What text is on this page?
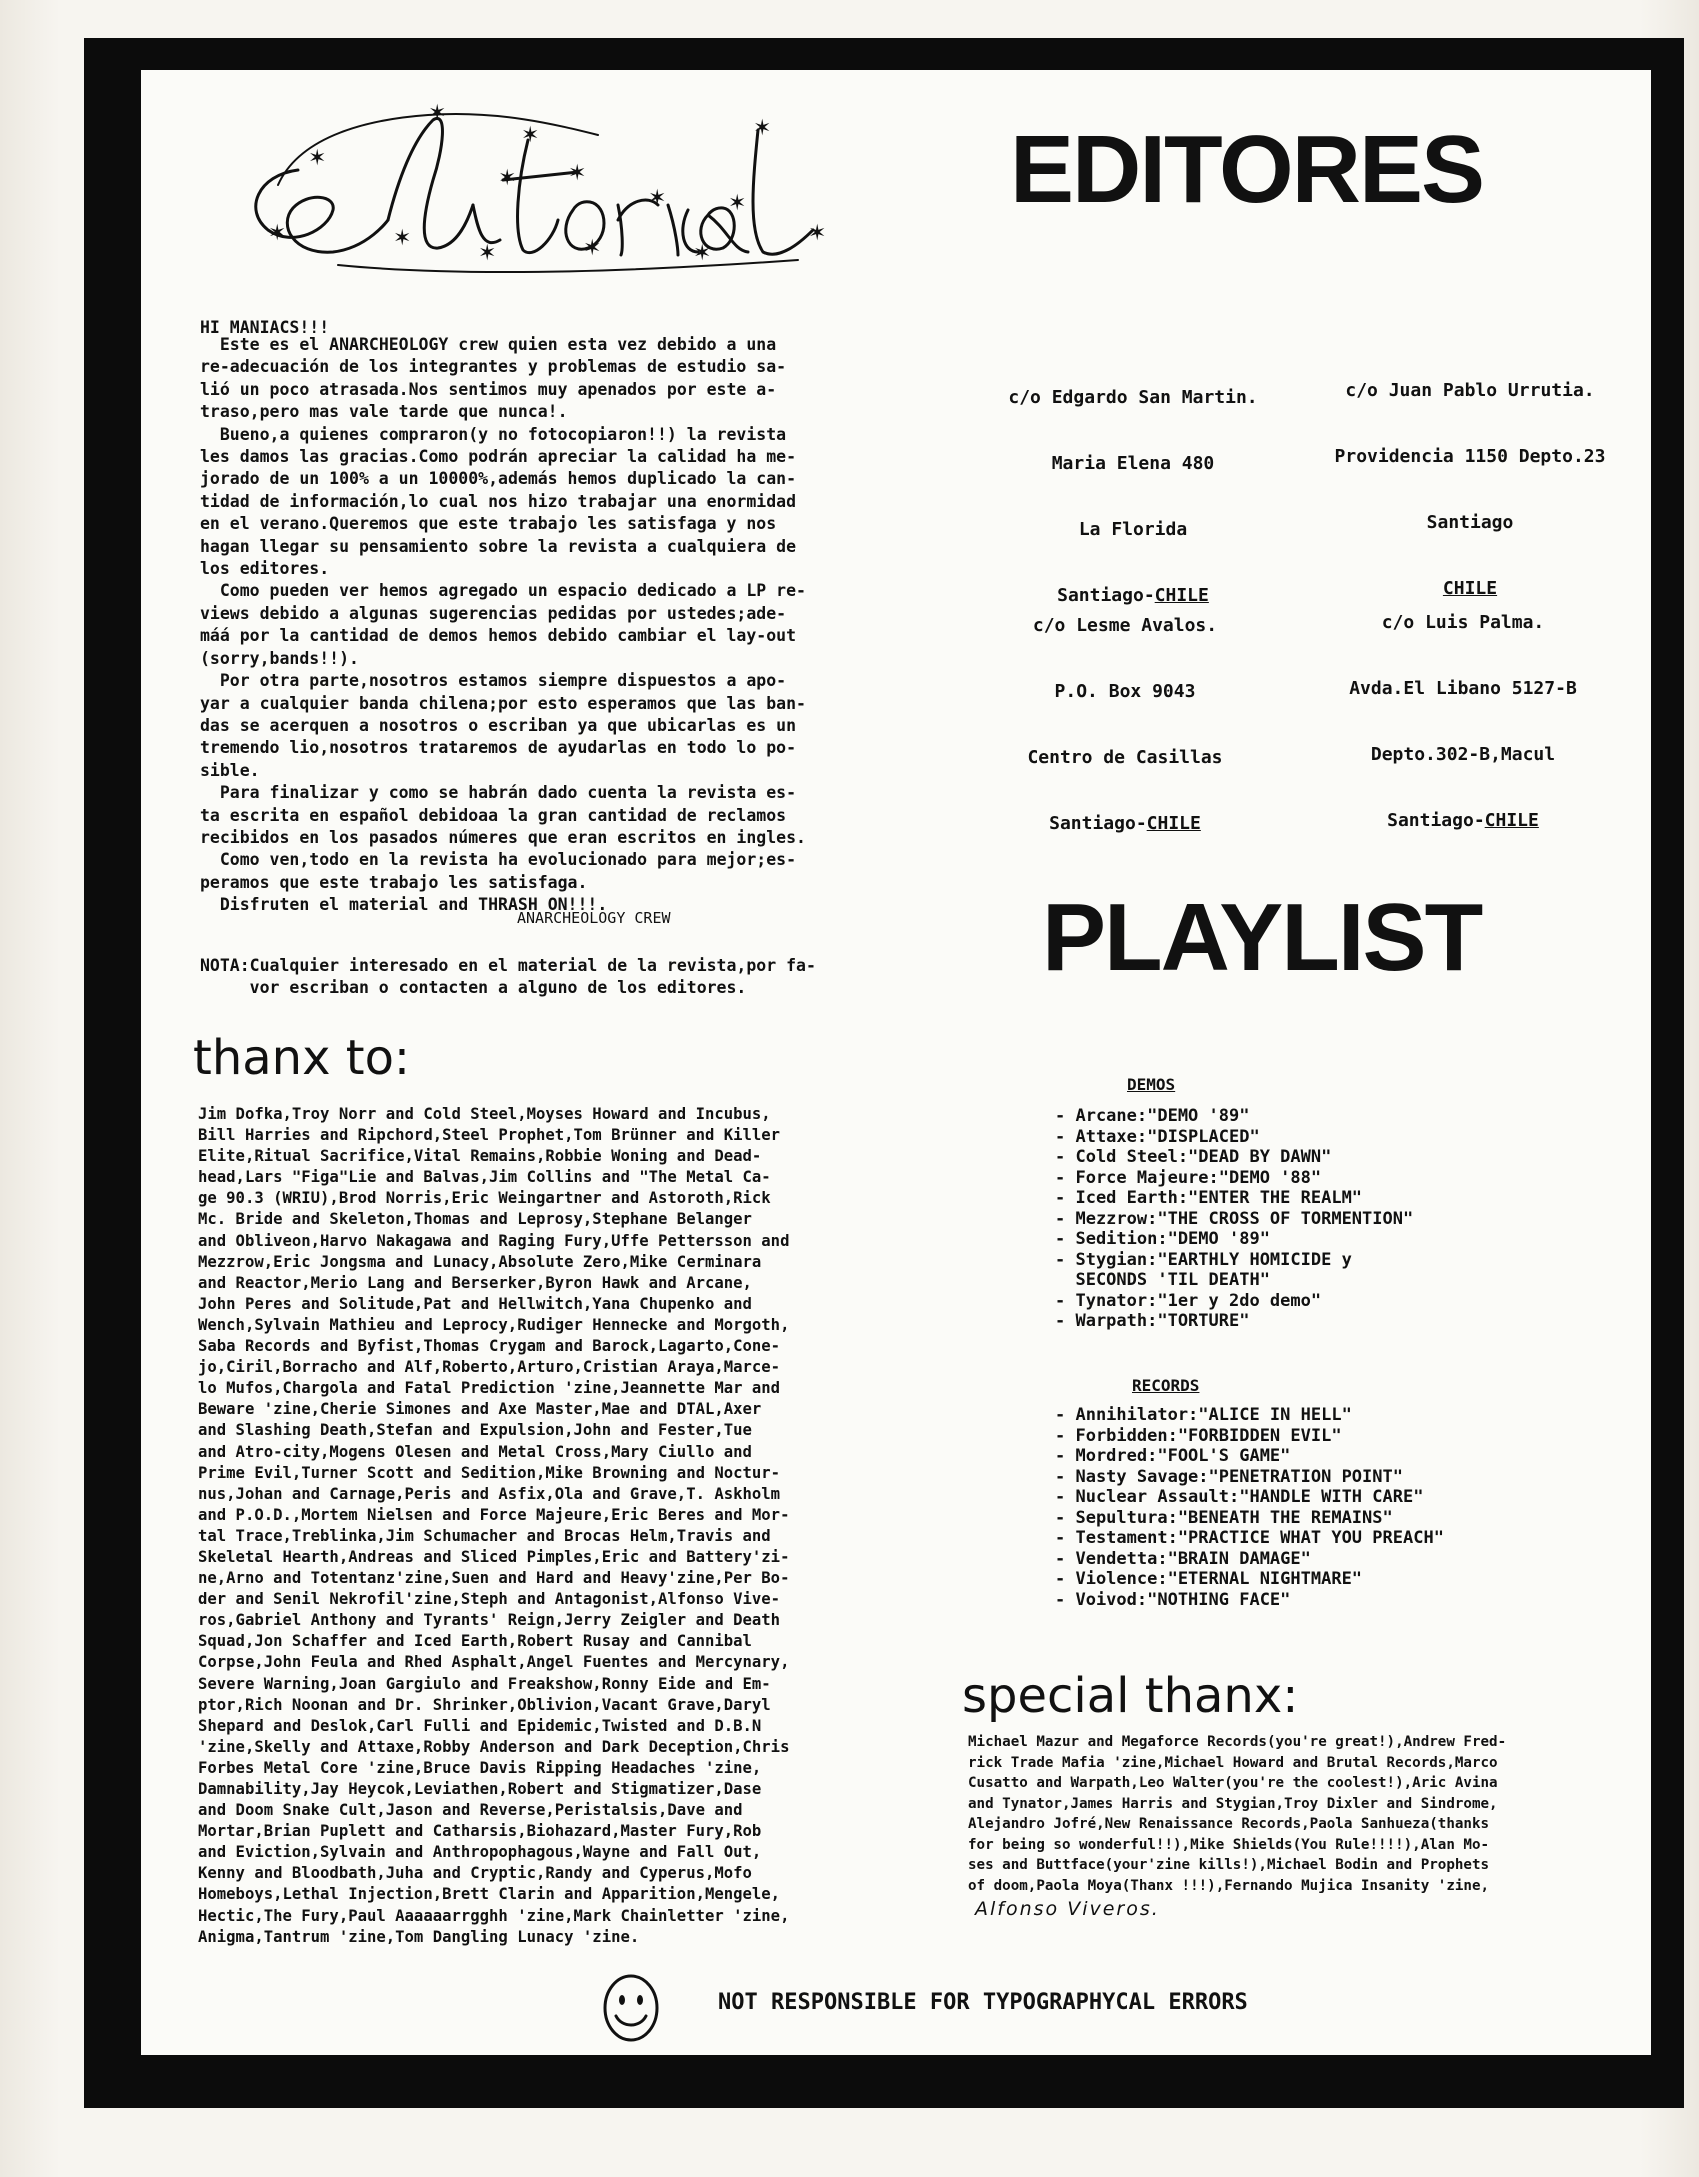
✶
✶
✶
✶
✶ ✶
✶
✶
✶
✶
✶
✶
✶
✶	EDITORES
HI MANIACS!!!
Este es el ANARCHEOLOGY crew quien esta vez debido a una
re-adecuación de los integrantes y problemas de estudio sa-
lió un poco atrasada.Nos sentimos muy apenados por este a-
traso,pero mas vale tarde que nunca!.
Bueno,a quienes compraron(y no fotocopiaron!!) la revista
les damos las gracias.Como podrán apreciar la calidad ha me-
jorado de un 100% a un 10000%,además hemos duplicado la can-
tidad de información,lo cual nos hizo trabajar una enormidad
en el verano.Queremos que este trabajo les satisfaga y nos
hagan llegar su pensamiento sobre la revista a cualquiera de
los editores.
Como pueden ver hemos agregado un espacio dedicado a LP re-
views debido a algunas sugerencias pedidas por ustedes;ade-
máá por la cantidad de demos hemos debido cambiar el lay-out
(sorry,bands!!).
Por otra parte,nosotros estamos siempre dispuestos a apo-
yar a cualquier banda chilena;por esto esperamos que las ban-
das se acerquen a nosotros o escriban ya que ubicarlas es un
tremendo lio,nosotros trataremos de ayudarlas en todo lo po-
sible.
Para finalizar y como se habrán dado cuenta la revista es-
ta escrita en español debidoaa la gran cantidad de reclamos
recibidos en los pasados númeres que eran escritos en ingles.
Como ven,todo en la revista ha evolucionado para mejor;es-
peramos que este trabajo les satisfaga.
Disfruten el material and THRASH ON!!!.
ANARCHEOLOGY CREW
NOTA:Cualquier interesado en el material de la revista,por fa-
vor escriban o contacten a alguno de los editores.

c/o Edgardo San Martin.

Maria Elena 480

La Florida

Santiago-CHILE

c/o Juan Pablo Urrutia.

Providencia 1150 Depto.23

Santiago

CHILE

c/o Lesme Avalos.

P.O. Box 9043

Centro de Casillas

Santiago-CHILE

c/o Luis Palma.

Avda.El Libano 5127-B

Depto.302-B,Macul

Santiago-CHILE

PLAYLIST
thanx to:
Jim Dofka,Troy Norr and Cold Steel,Moyses Howard and Incubus,
Bill Harries and Ripchord,Steel Prophet,Tom Brünner and Killer
Elite,Ritual Sacrifice,Vital Remains,Robbie Woning and Dead-
head,Lars "Figa"Lie and Balvas,Jim Collins and "The Metal Ca-
ge 90.3 (WRIU),Brod Norris,Eric Weingartner and Astoroth,Rick
Mc. Bride and Skeleton,Thomas and Leprosy,Stephane Belanger
and Obliveon,Harvo Nakagawa and Raging Fury,Uffe Pettersson and
Mezzrow,Eric Jongsma and Lunacy,Absolute Zero,Mike Cerminara
and Reactor,Merio Lang and Berserker,Byron Hawk and Arcane,
John Peres and Solitude,Pat and Hellwitch,Yana Chupenko and
Wench,Sylvain Mathieu and Leprocy,Rudiger Hennecke and Morgoth,
Saba Records and Byfist,Thomas Crygam and Barock,Lagarto,Cone-
jo,Ciril,Borracho and Alf,Roberto,Arturo,Cristian Araya,Marce-
lo Mufos,Chargola and Fatal Prediction 'zine,Jeannette Mar and
Beware 'zine,Cherie Simones and Axe Master,Mae and DTAL,Axer
and Slashing Death,Stefan and Expulsion,John and Fester,Tue
and Atro-city,Mogens Olesen and Metal Cross,Mary Ciullo and
Prime Evil,Turner Scott and Sedition,Mike Browning and Noctur-
nus,Johan and Carnage,Peris and Asfix,Ola and Grave,T. Askholm
and P.O.D.,Mortem Nielsen and Force Majeure,Eric Beres and Mor-
tal Trace,Treblinka,Jim Schumacher and Brocas Helm,Travis and
Skeletal Hearth,Andreas and Sliced Pimples,Eric and Battery'zi-
ne,Arno and Totentanz'zine,Suen and Hard and Heavy'zine,Per Bo-
der and Senil Nekrofil'zine,Steph and Antagonist,Alfonso Vive-
ros,Gabriel Anthony and Tyrants' Reign,Jerry Zeigler and Death
Squad,Jon Schaffer and Iced Earth,Robert Rusay and Cannibal
Corpse,John Feula and Rhed Asphalt,Angel Fuentes and Mercynary,
Severe Warning,Joan Gargiulo and Freakshow,Ronny Eide and Em-
ptor,Rich Noonan and Dr. Shrinker,Oblivion,Vacant Grave,Daryl
Shepard and Deslok,Carl Fulli and Epidemic,Twisted and D.B.N
'zine,Skelly and Attaxe,Robby Anderson and Dark Deception,Chris
Forbes Metal Core 'zine,Bruce Davis Ripping Headaches 'zine,
Damnability,Jay Heycok,Leviathen,Robert and Stigmatizer,Dase
and Doom Snake Cult,Jason and Reverse,Peristalsis,Dave and
Mortar,Brian Puplett and Catharsis,Biohazard,Master Fury,Rob
and Eviction,Sylvain and Anthropophagous,Wayne and Fall Out,
Kenny and Bloodbath,Juha and Cryptic,Randy and Cyperus,Mofo
Homeboys,Lethal Injection,Brett Clarin and Apparition,Mengele,
Hectic,The Fury,Paul Aaaaaarrgghh 'zine,Mark Chainletter 'zine,
Anigma,Tantrum 'zine,Tom Dangling Lunacy 'zine.
DEMOS
- Arcane:"DEMO '89"
- Attaxe:"DISPLACED"
- Cold Steel:"DEAD BY DAWN"
- Force Majeure:"DEMO '88"
- Iced Earth:"ENTER THE REALM"
- Mezzrow:"THE CROSS OF TORMENTION"
- Sedition:"DEMO '89"
- Stygian:"EARTHLY HOMICIDE y
SECONDS 'TIL DEATH"
- Tynator:"1er y 2do demo"
- Warpath:"TORTURE"
RECORDS
- Annihilator:"ALICE IN HELL"
- Forbidden:"FORBIDDEN EVIL"
- Mordred:"FOOL'S GAME"
- Nasty Savage:"PENETRATION POINT"
- Nuclear Assault:"HANDLE WITH CARE"
- Sepultura:"BENEATH THE REMAINS"
- Testament:"PRACTICE WHAT YOU PREACH"
- Vendetta:"BRAIN DAMAGE"
- Violence:"ETERNAL NIGHTMARE"
- Voivod:"NOTHING FACE"
special thanx:
Michael Mazur and Megaforce Records(you're great!),Andrew Fred-
rick Trade Mafia 'zine,Michael Howard and Brutal Records,Marco
Cusatto and Warpath,Leo Walter(you're the coolest!),Aric Avina
and Tynator,James Harris and Stygian,Troy Dixler and Sindrome,
Alejandro Jofré,New Renaissance Records,Paola Sanhueza(thanks
for being so wonderful!!),Mike Shields(You Rule!!!!),Alan Mo-
ses and Buttface(your'zine kills!),Michael Bodin and Prophets
of doom,Paola Moya(Thanx !!!),Fernando Mujica Insanity 'zine,
Alfonso Viveros.
NOT RESPONSIBLE FOR TYPOGRAPHYCAL ERRORS
